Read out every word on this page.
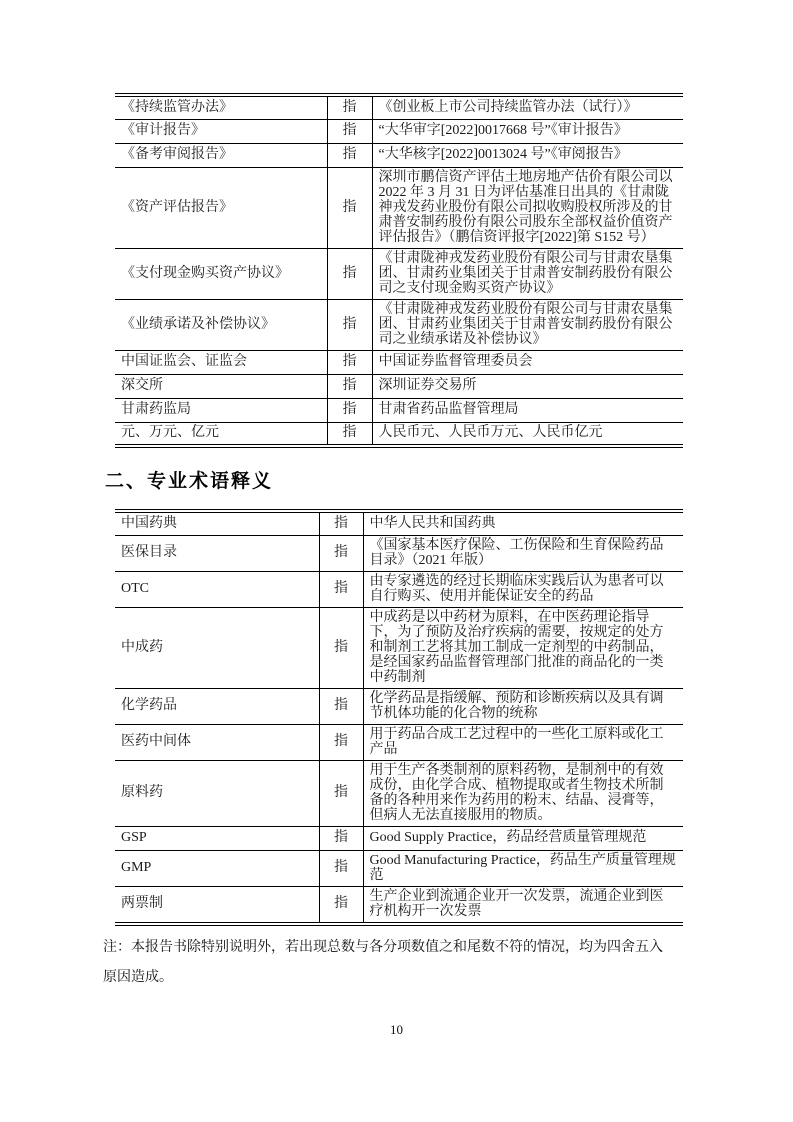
《持续监管办法》	指	《创业板上市公司持续监管办法（试行）》
《审计报告》	指	“大华审字[2022]0017668 号”《审计报告》
《备考审阅报告》	指	“大华核字[2022]0013024 号”《审阅报告》
《资产评估报告》	指	深圳市鹏信资产评估土地房地产估价有限公司以 2022 年 3 月 31 日为评估基准日出具的《甘肃陇神戎发药业股份有限公司拟收购股权所涉及的甘肃普安制药股份有限公司股东全部权益价值资产评估报告》（鹏信资评报字[2022]第 S152 号）
《支付现金购买资产协议》	指	《甘肃陇神戎发药业股份有限公司与甘肃农垦集团、甘肃药业集团关于甘肃普安制药股份有限公司之支付现金购买资产协议》
《业绩承诺及补偿协议》	指	《甘肃陇神戎发药业股份有限公司与甘肃农垦集团、甘肃药业集团关于甘肃普安制药股份有限公司之业绩承诺及补偿协议》
中国证监会、证监会	指	中国证券监督管理委员会
深交所	指	深圳证券交易所
甘肃药监局	指	甘肃省药品监督管理局
元、万元、亿元	指	人民币元、人民币万元、人民币亿元
二、专业术语释义
中国药典	指	中华人民共和国药典
医保目录	指	《国家基本医疗保险、工伤保险和生育保险药品目录》（2021 年版）
OTC	指	由专家遴选的经过长期临床实践后认为患者可以自行购买、使用并能保证安全的药品
中成药	指	中成药是以中药材为原料，在中医药理论指导下，为了预防及治疗疾病的需要，按规定的处方和制剂工艺将其加工制成一定剂型的中药制品，是经国家药品监督管理部门批准的商品化的一类中药制剂
化学药品	指	化学药品是指缓解、预防和诊断疾病以及具有调节机体功能的化合物的统称
医药中间体	指	用于药品合成工艺过程中的一些化工原料或化工产品
原料药	指	用于生产各类制剂的原料药物，是制剂中的有效成份，由化学合成、植物提取或者生物技术所制备的各种用来作为药用的粉末、结晶、浸膏等，但病人无法直接服用的物质。
GSP	指	Good Supply Practice，药品经营质量管理规范
GMP	指	Good Manufacturing Practice，药品生产质量管理规范
两票制	指	生产企业到流通企业开一次发票，流通企业到医疗机构开一次发票

注：本报告书除特别说明外，若出现总数与各分项数值之和尾数不符的情况，均为四舍五入原因造成。

10
